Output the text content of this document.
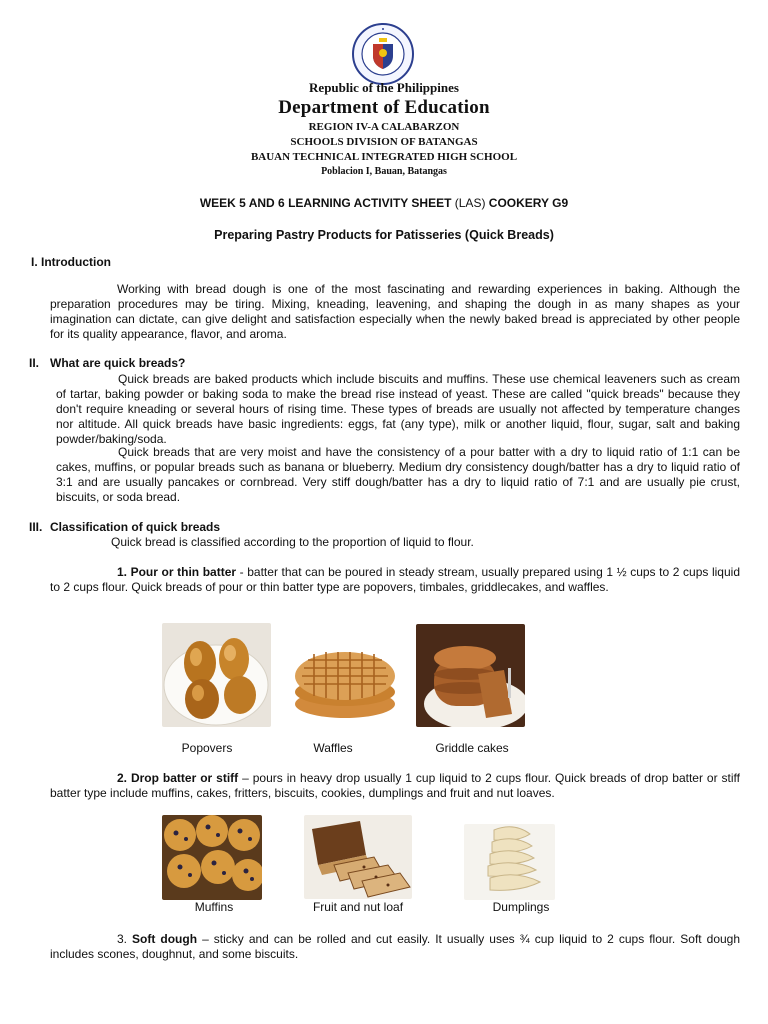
Republic of the Philippines
Department of Education
REGION IV-A CALABARZON
SCHOOLS DIVISION OF BATANGAS
BAUAN TECHNICAL INTEGRATED HIGH SCHOOL
Poblacion I, Bauan, Batangas
WEEK 5 AND 6 LEARNING ACTIVITY SHEET (LAS) COOKERY G9
Preparing Pastry Products for Patisseries (Quick Breads)
I. Introduction
Working with bread dough is one of the most fascinating and rewarding experiences in baking. Although the preparation procedures may be tiring. Mixing, kneading, leavening, and shaping the dough in as many shapes as your imagination can dictate, can give delight and satisfaction especially when the newly baked bread is appreciated by other people for its quality appearance, flavor, and aroma.
II. What are quick breads?
Quick breads are baked products which include biscuits and muffins. These use chemical leaveners such as cream of tartar, baking powder or baking soda to make the bread rise instead of yeast. These are called "quick breads" because they don't require kneading or several hours of rising time. These types of breads are usually not affected by temperature changes nor altitude. All quick breads have basic ingredients: eggs, fat (any type), milk or another liquid, flour, sugar, salt and baking powder/baking/soda.
Quick breads that are very moist and have the consistency of a pour batter with a dry to liquid ratio of 1:1 can be cakes, muffins, or popular breads such as banana or blueberry. Medium dry consistency dough/batter has a dry to liquid ratio of 3:1 and are usually pancakes or cornbread. Very stiff dough/batter has a dry to liquid ratio of 7:1 and are usually pie crust, biscuits, or soda bread.
III. Classification of quick breads
Quick bread is classified according to the proportion of liquid to flour.
1. Pour or thin batter - batter that can be poured in steady stream, usually prepared using 1 ½ cups to 2 cups liquid to 2 cups flour. Quick breads of pour or thin batter type are popovers, timbales, griddlecakes, and waffles.
Popovers	Waffles	Griddle cakes
2. Drop batter or stiff – pours in heavy drop usually 1 cup liquid to 2 cups flour. Quick breads of drop batter or stiff batter type include muffins, cakes, fritters, biscuits, cookies, dumplings and fruit and nut loaves.
Muffins	Fruit and nut loaf	Dumplings
3. Soft dough – sticky and can be rolled and cut easily. It usually uses ¾ cup liquid to 2 cups flour. Soft dough includes scones, doughnut, and some biscuits.
